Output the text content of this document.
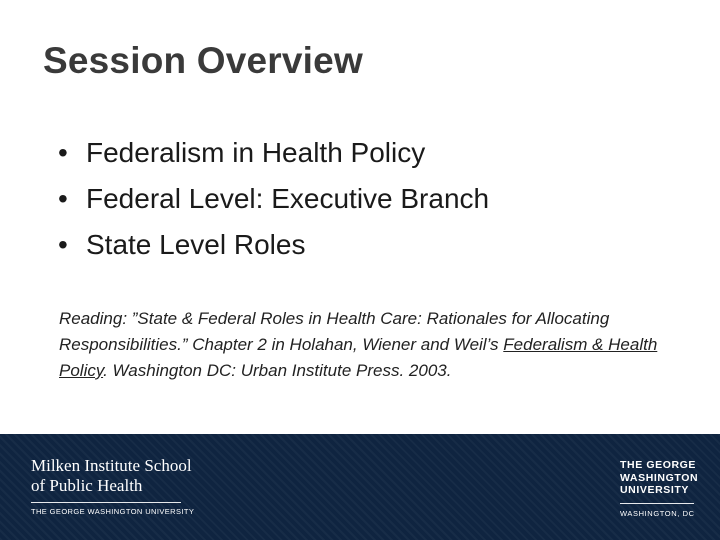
Session Overview
• Federalism in Health Policy
• Federal Level: Executive Branch
• State Level Roles
Reading: ”State & Federal Roles in Health Care: Rationales for Allocating Responsibilities.” Chapter 2 in Holahan, Wiener and Weil’s Federalism & Health Policy. Washington DC: Urban Institute Press. 2003.
Milken Institute School
of Public Health
THE GEORGE WASHINGTON UNIVERSITY
THE GEORGE
WASHINGTON
UNIVERSITY
WASHINGTON, DC
